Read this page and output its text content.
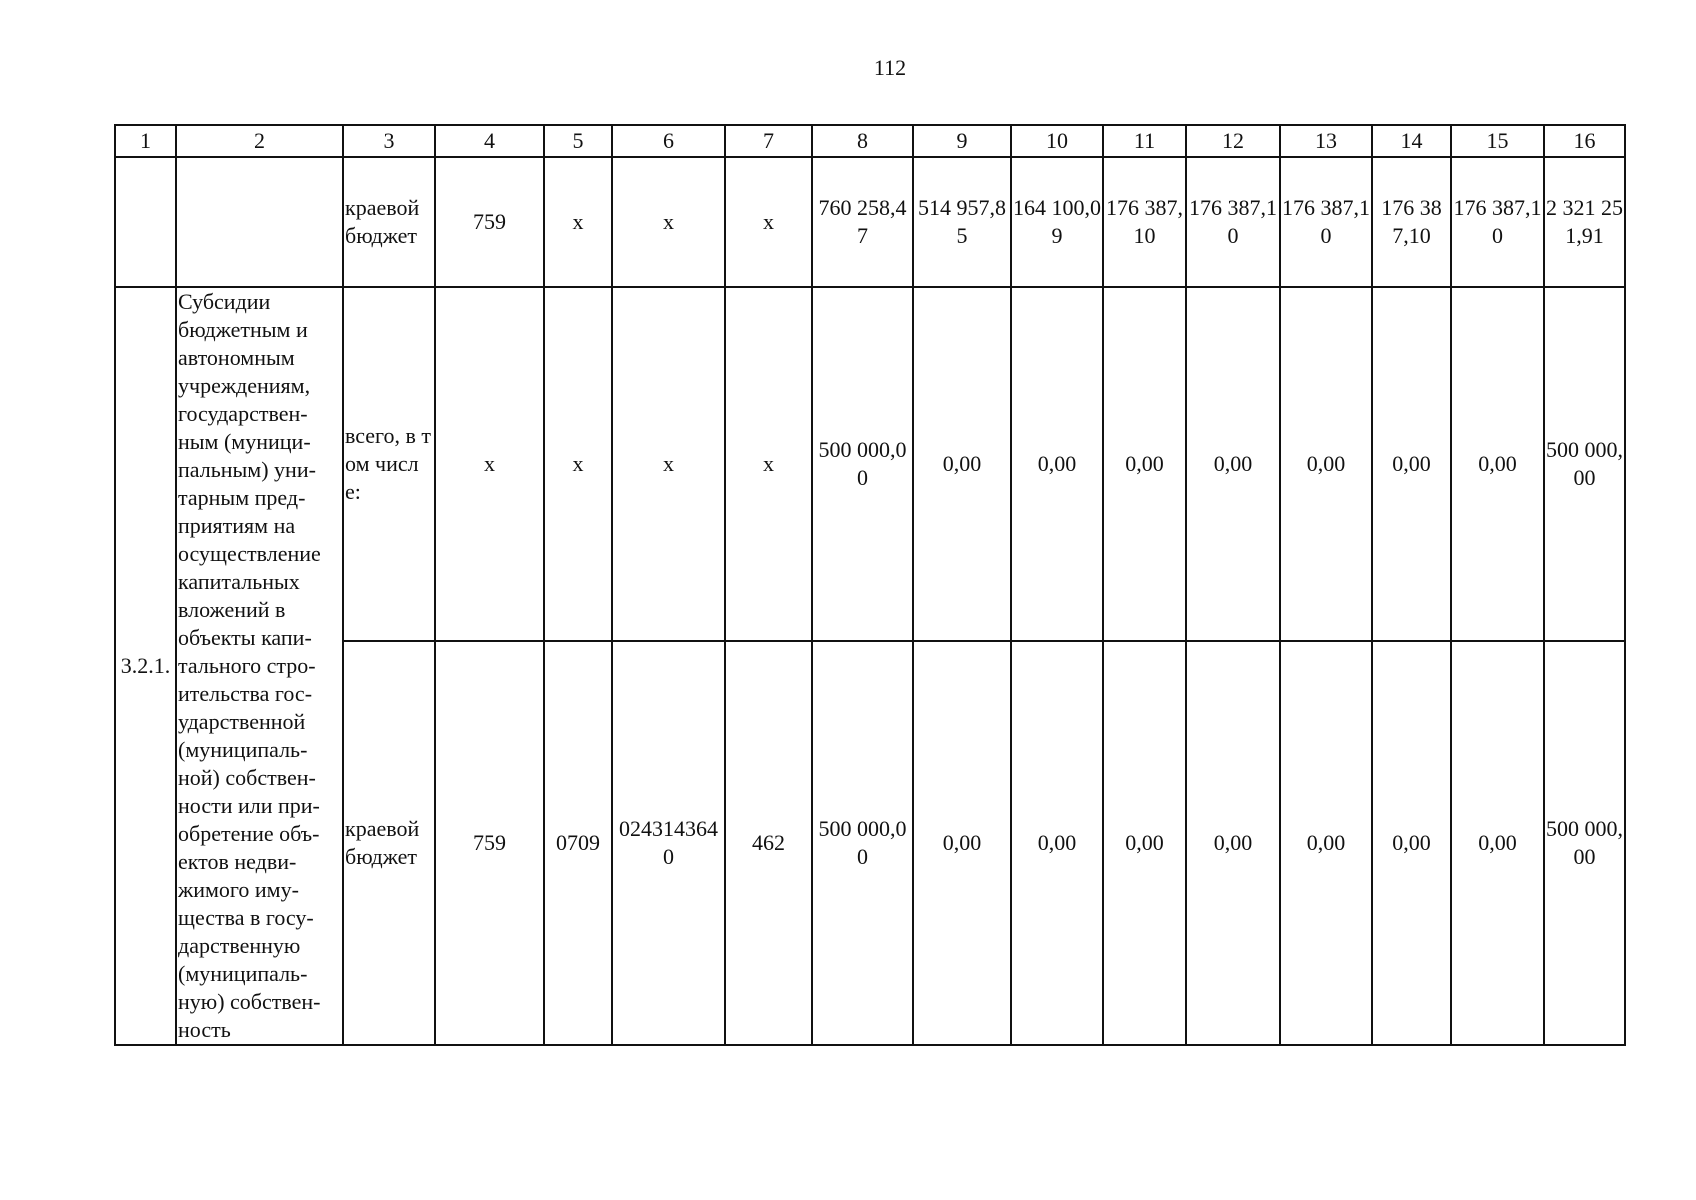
112
1	2	3	4	5	6	7	8	9	10	11	12	13	14	15	16
		краевой бюджет	759	x	x	x	760 258,47	514 957,85	164 100,09	176 387,10	176 387,10	176 387,10	176 387,10	176 387,10	2 321 251,91
3.2.1.	Субсидии бюджетным и автономным учреждениям, государствен-ным (муници-пальным) уни-тарным пред-приятиям на осуществление капитальных вложений в объекты капи-тального стро-ительства гос-ударственной (муниципаль-ной) собствен-ности или при-обретение объ-ектов недви-жимого иму-щества в госу-дарственную (муниципаль-ную) собствен-ность	всего, в том числе:	x	x	x	x	500 000,00	0,00	0,00	0,00	0,00	0,00	0,00	0,00	500 000,00
		краевой бюджет	759	0709	0243143640	462	500 000,00	0,00	0,00	0,00	0,00	0,00	0,00	0,00	500 000,00
